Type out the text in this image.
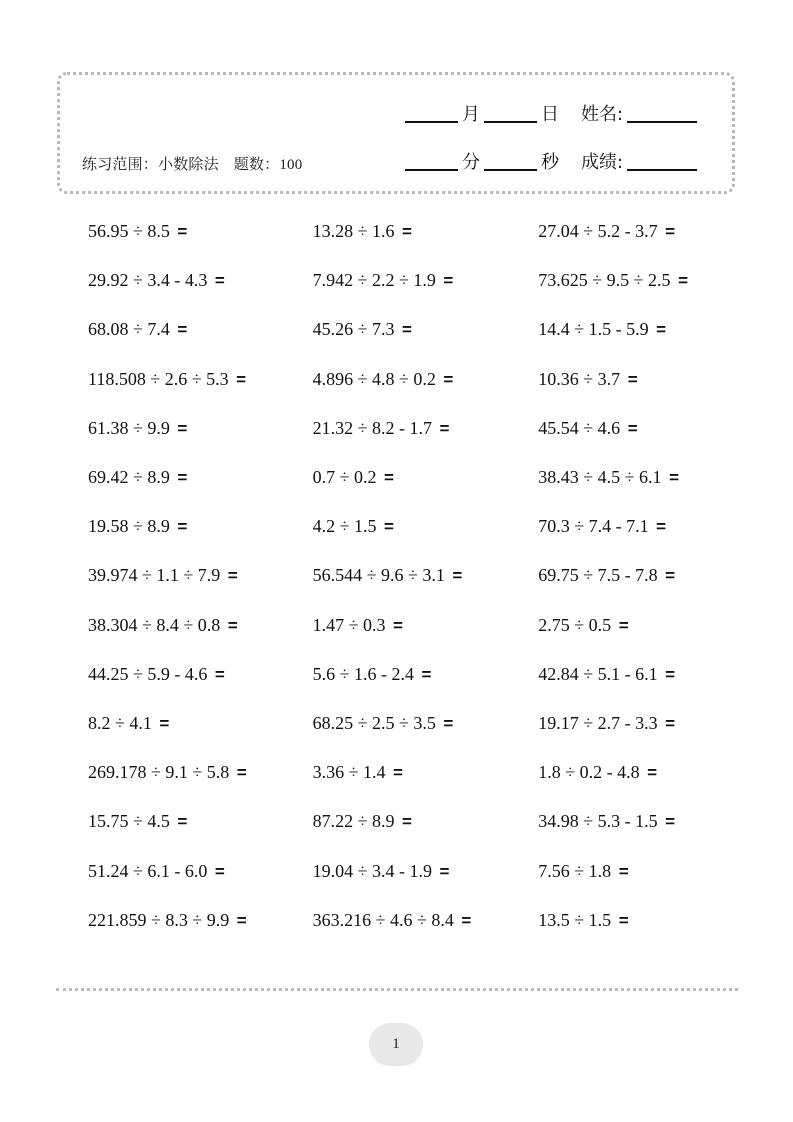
月	日 姓名:
分	秒 成绩:
练习范围：小数除法 题数：100
56.95 ÷ 8.5 =	13.28 ÷ 1.6 =	27.04 ÷ 5.2 - 3.7 =
29.92 ÷ 3.4 - 4.3 =	7.942 ÷ 2.2 ÷ 1.9 =	73.625 ÷ 9.5 ÷ 2.5 =
68.08 ÷ 7.4 =	45.26 ÷ 7.3 =	14.4 ÷ 1.5 - 5.9 =
118.508 ÷ 2.6 ÷ 5.3 =	4.896 ÷ 4.8 ÷ 0.2 =	10.36 ÷ 3.7 =
61.38 ÷ 9.9 =	21.32 ÷ 8.2 - 1.7 =	45.54 ÷ 4.6 =
69.42 ÷ 8.9 =	0.7 ÷ 0.2 =	38.43 ÷ 4.5 ÷ 6.1 =
19.58 ÷ 8.9 =	4.2 ÷ 1.5 =	70.3 ÷ 7.4 - 7.1 =
39.974 ÷ 1.1 ÷ 7.9 =	56.544 ÷ 9.6 ÷ 3.1 =	69.75 ÷ 7.5 - 7.8 =
38.304 ÷ 8.4 ÷ 0.8 =	1.47 ÷ 0.3 =	2.75 ÷ 0.5 =
44.25 ÷ 5.9 - 4.6 =	5.6 ÷ 1.6 - 2.4 =	42.84 ÷ 5.1 - 6.1 =
8.2 ÷ 4.1 =	68.25 ÷ 2.5 ÷ 3.5 =	19.17 ÷ 2.7 - 3.3 =
269.178 ÷ 9.1 ÷ 5.8 =	3.36 ÷ 1.4 =	1.8 ÷ 0.2 - 4.8 =
15.75 ÷ 4.5 =	87.22 ÷ 8.9 =	34.98 ÷ 5.3 - 1.5 =
51.24 ÷ 6.1 - 6.0 =	19.04 ÷ 3.4 - 1.9 =	7.56 ÷ 1.8 =
221.859 ÷ 8.3 ÷ 9.9 =	363.216 ÷ 4.6 ÷ 8.4 =	13.5 ÷ 1.5 =
1
